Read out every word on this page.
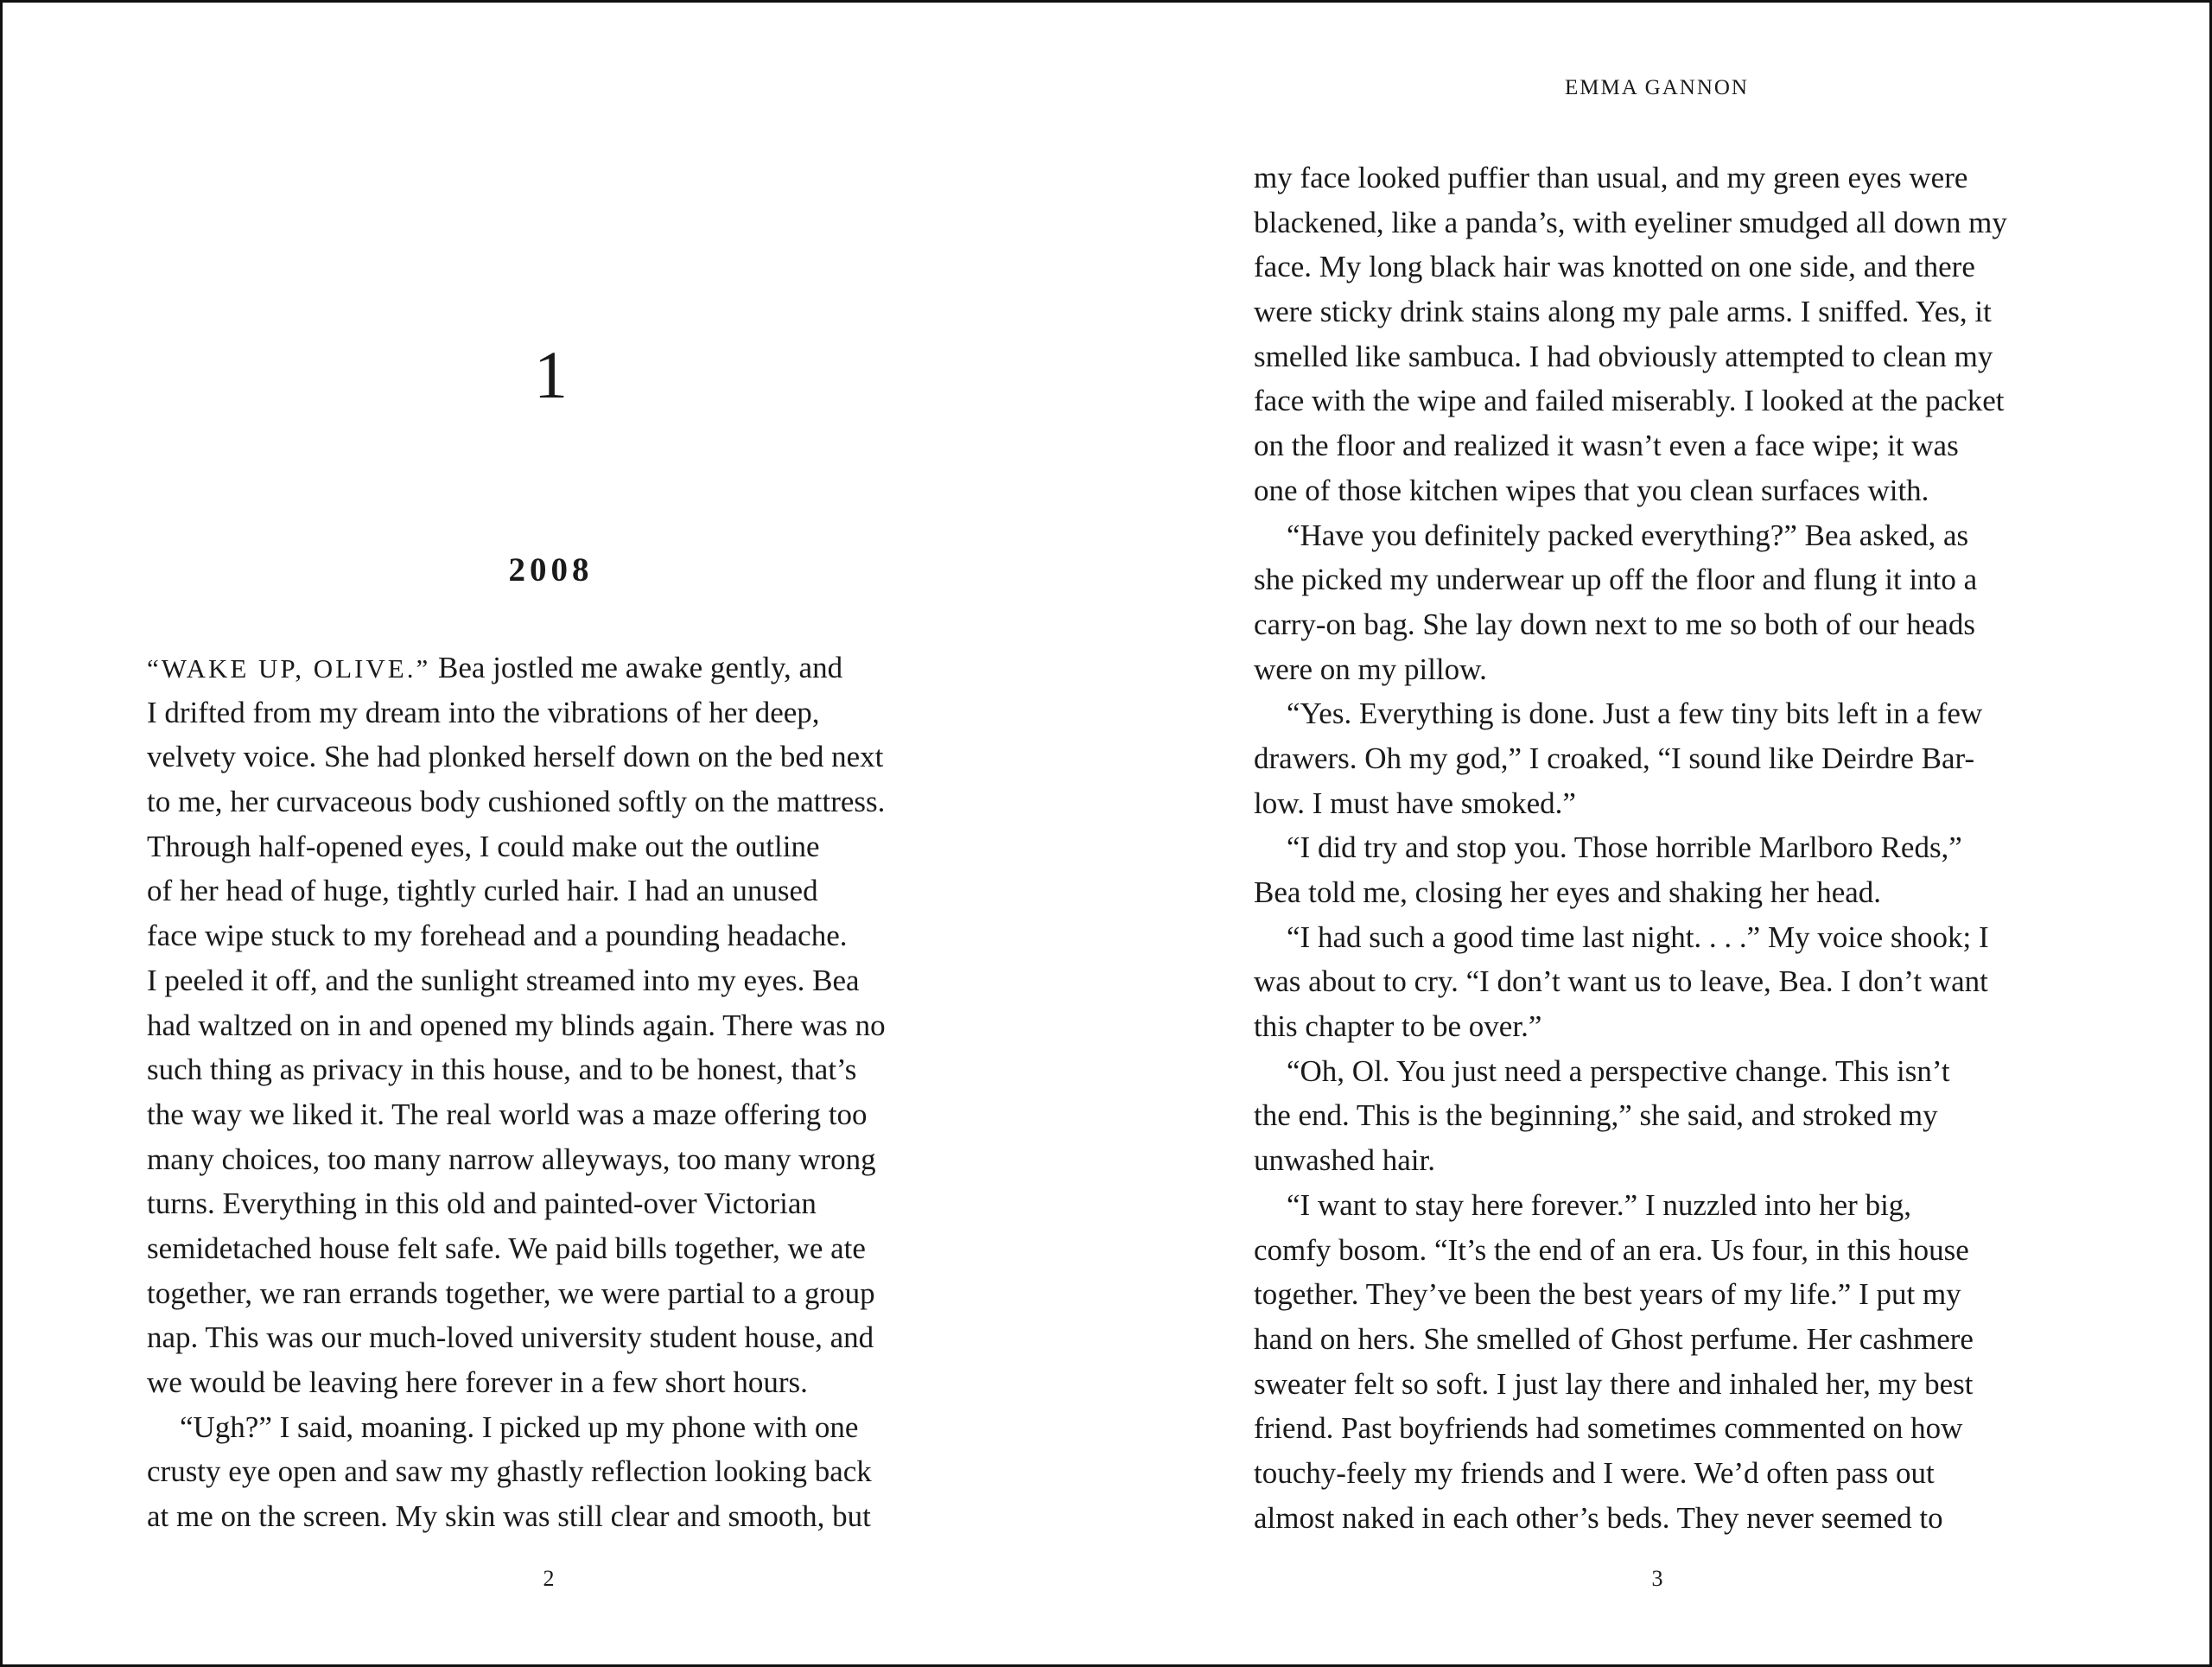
1
2008
“WAKE UP, OLIVE.” Bea jostled me awake gently, and
I drifted from my dream into the vibrations of her deep,
velvety voice. She had plonked herself down on the bed next
to me, her curvaceous body cushioned softly on the mattress.
Through half-opened eyes, I could make out the outline
of her head of huge, tightly curled hair. I had an unused
face wipe stuck to my forehead and a pounding headache.
I peeled it off, and the sunlight streamed into my eyes. Bea
had waltzed on in and opened my blinds again. There was no
such thing as privacy in this house, and to be honest, that’s
the way we liked it. The real world was a maze offering too
many choices, too many narrow alleyways, too many wrong
turns. Everything in this old and painted-over Victorian
semidetached house felt safe. We paid bills together, we ate
together, we ran errands together, we were partial to a group
nap. This was our much-loved university student house, and
we would be leaving here forever in a few short hours.
“Ugh?” I said, moaning. I picked up my phone with one
crusty eye open and saw my ghastly reflection looking back
at me on the screen. My skin was still clear and smooth, but
2
EMMA GANNON
my face looked puffier than usual, and my green eyes were
blackened, like a panda’s, with eyeliner smudged all down my
face. My long black hair was knotted on one side, and there
were sticky drink stains along my pale arms. I sniffed. Yes, it
smelled like sambuca. I had obviously attempted to clean my
face with the wipe and failed miserably. I looked at the packet
on the floor and realized it wasn’t even a face wipe; it was
one of those kitchen wipes that you clean surfaces with.
“Have you definitely packed everything?” Bea asked, as
she picked my underwear up off the floor and flung it into a
carry-on bag. She lay down next to me so both of our heads
were on my pillow.
“Yes. Everything is done. Just a few tiny bits left in a few
drawers. Oh my god,” I croaked, “I sound like Deirdre Bar-
low. I must have smoked.”
“I did try and stop you. Those horrible Marlboro Reds,”
Bea told me, closing her eyes and shaking her head.
“I had such a good time last night. . . .” My voice shook; I
was about to cry. “I don’t want us to leave, Bea. I don’t want
this chapter to be over.”
“Oh, Ol. You just need a perspective change. This isn’t
the end. This is the beginning,” she said, and stroked my
unwashed hair.
“I want to stay here forever.” I nuzzled into her big,
comfy bosom. “It’s the end of an era. Us four, in this house
together. They’ve been the best years of my life.” I put my
hand on hers. She smelled of Ghost perfume. Her cashmere
sweater felt so soft. I just lay there and inhaled her, my best
friend. Past boyfriends had sometimes commented on how
touchy-feely my friends and I were. We’d often pass out
almost naked in each other’s beds. They never seemed to
3
